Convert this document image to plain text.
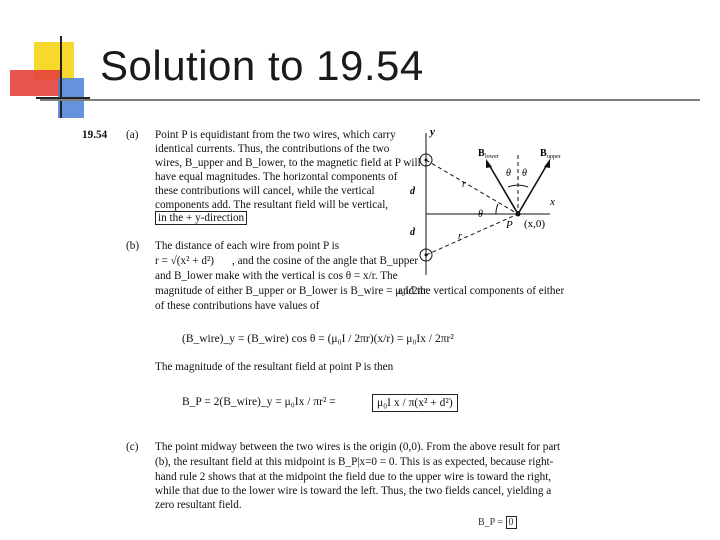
Solution to 19.54
19.54 (a) Point P is equidistant from the two wires, which carry
identical currents. Thus, the contributions of the two
wires, B_upper and B_lower, to the magnetic field at P will
have equal magnitudes. The horizontal components of
these contributions will cancel, while the vertical
components add. The resultant field will be vertical,
in the + y-direction
y
x
B lower	B upper
θ θ
θ
r
r
d
d
P (x,0)
(b) The distance of each wire from point P is
r = √(x² + d²) , and the cosine of the angle that B_upper
and B_lower make with the vertical is cos θ = x/r. The
magnitude of either B_upper or B_lower is B_wire = μ₀I/2πr
and the vertical components of either
of these contributions have values of
(B_wire)_y = (B_wire) cos θ = (μ₀I / 2πr)(x/r) = μ₀Ix / 2πr²
The magnitude of the resultant field at point P is then
B_P = 2(B_wire)_y = μ₀Ix / πr² =	μ₀I x / π(x² + d²)
(c) The point midway between the two wires is the origin (0,0). From the above result for part
(b), the resultant field at this midpoint is B_P|x=0 = 0. This is as expected, because right-
hand rule 2 shows that at the midpoint the field due to the upper wire is toward the right,
while that due to the lower wire is toward the left. Thus, the two fields cancel, yielding a
zero resultant field.
B_P = 0
